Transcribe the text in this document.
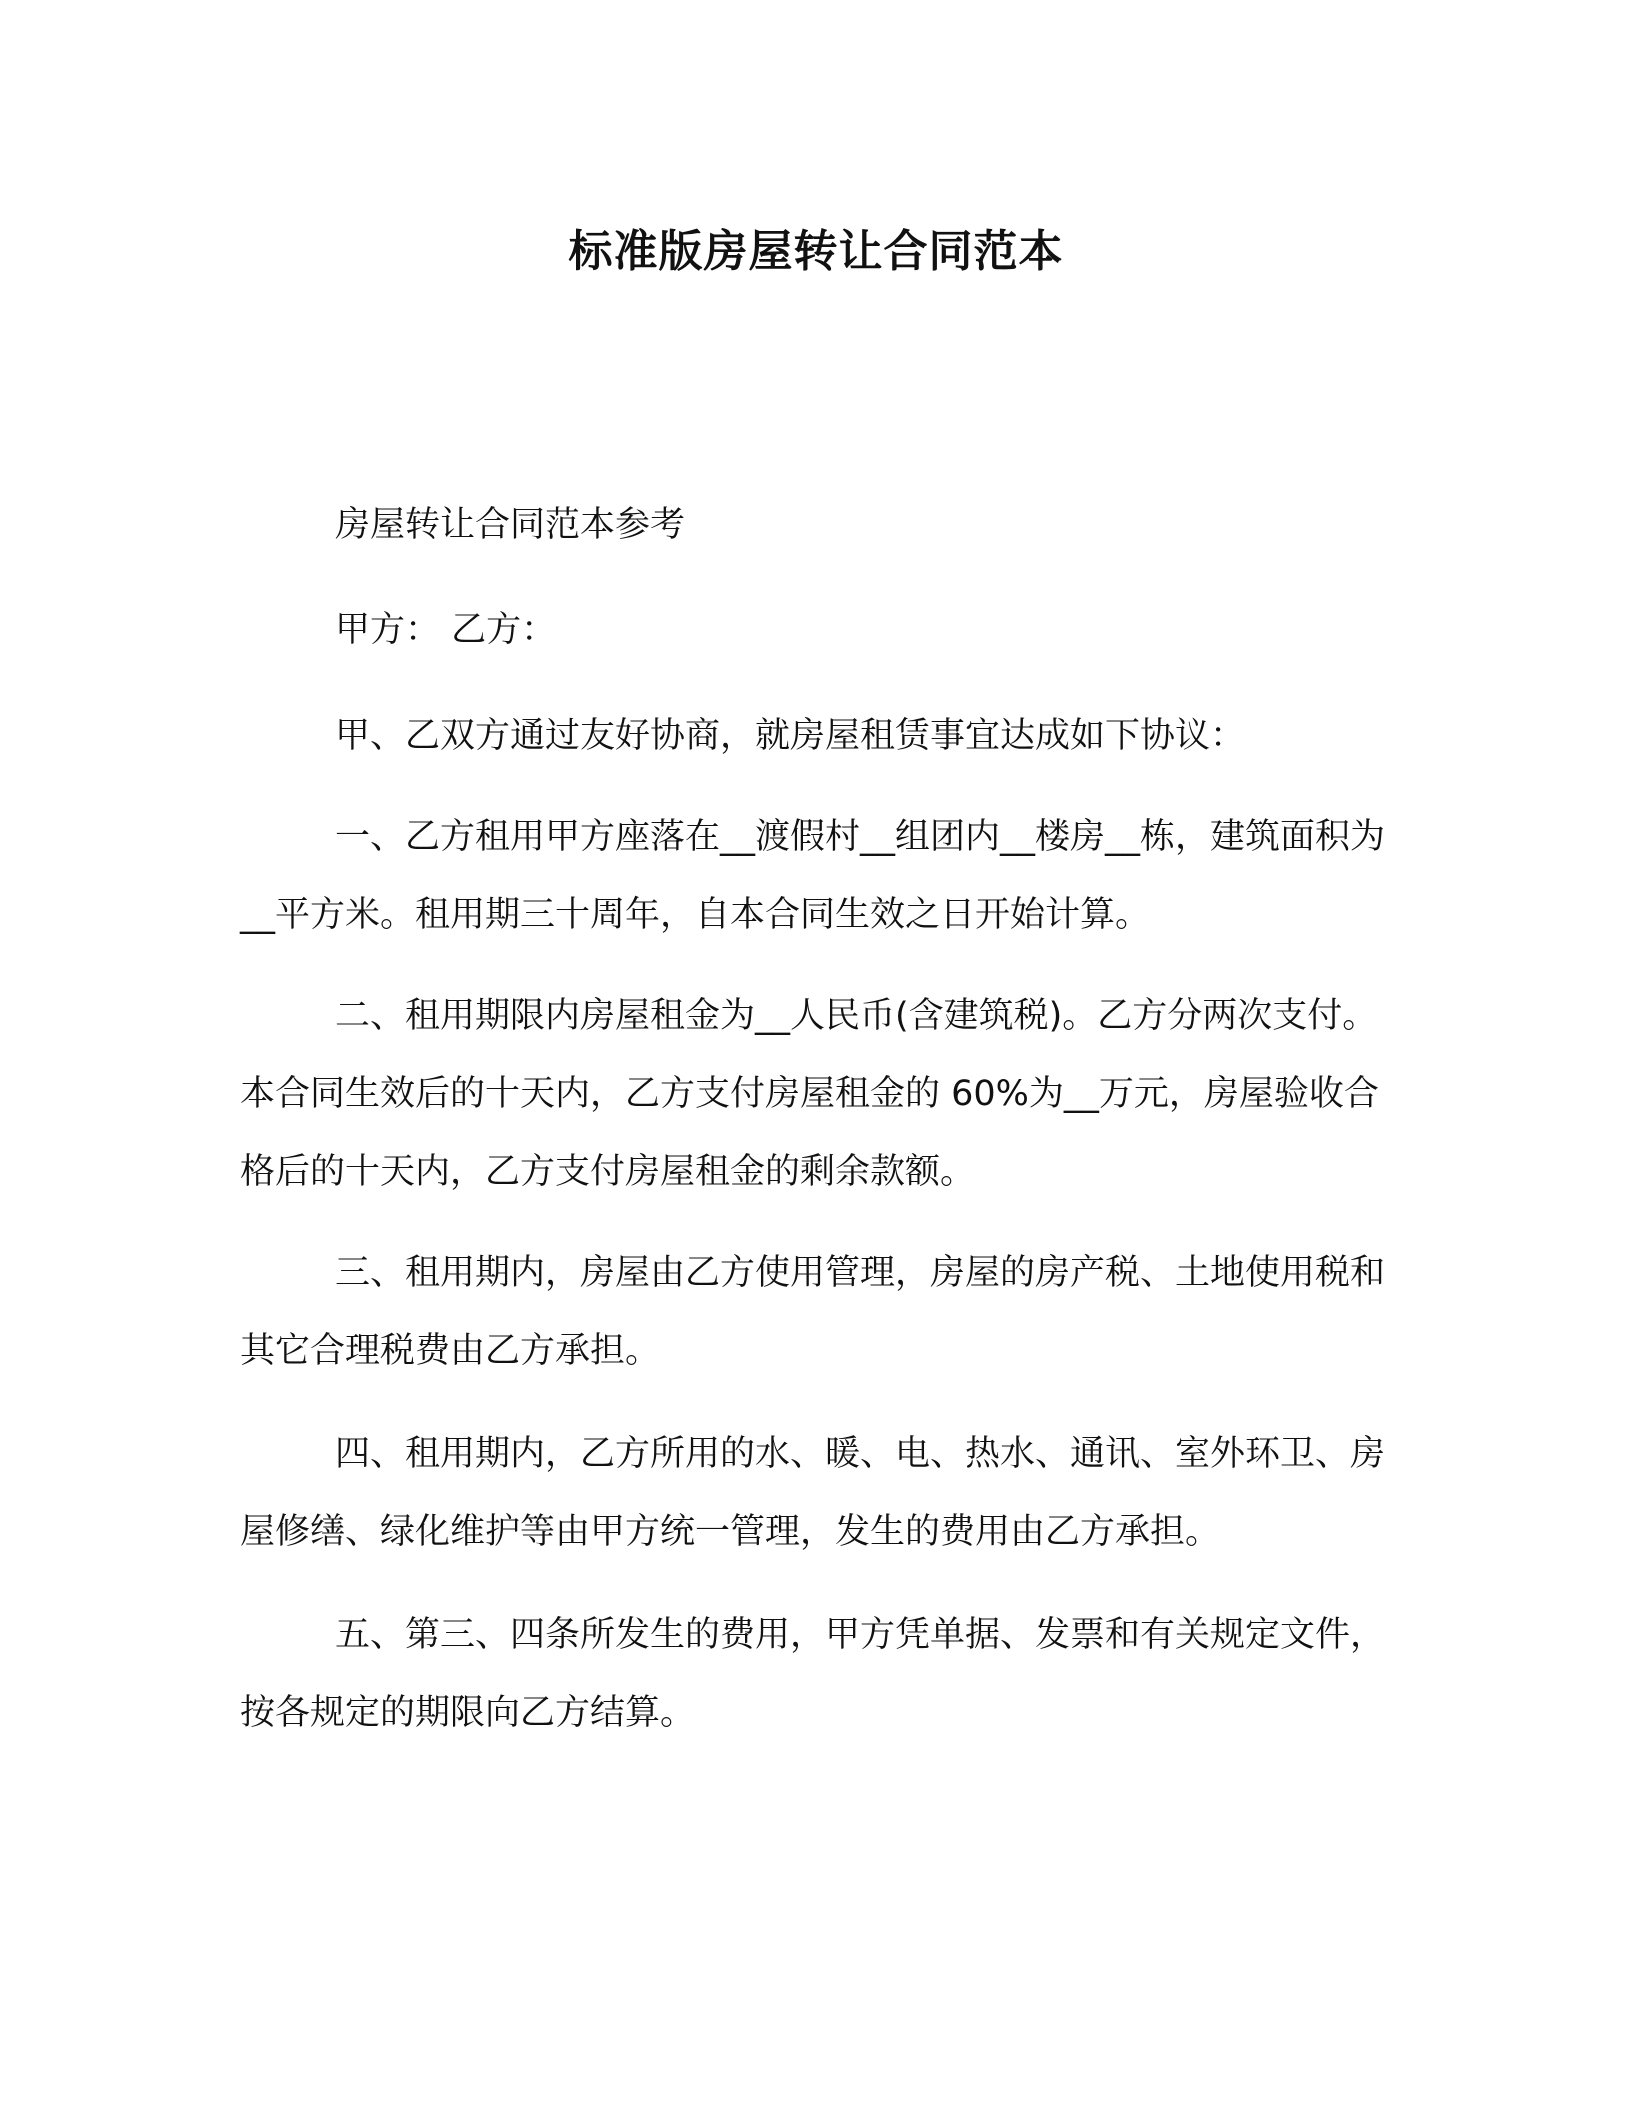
标准版房屋转让合同范本

房屋转让合同范本参考

甲方： 乙方：

甲、乙双方通过友好协商，就房屋租赁事宜达成如下协议：

一、乙方租用甲方座落在__渡假村__组团内__楼房__栋，建筑面积为__平方米。租用期三十周年，自本合同生效之日开始计算。

二、租用期限内房屋租金为__人民币(含建筑税)。乙方分两次支付。本合同生效后的十天内，乙方支付房屋租金的 60%为__万元，房屋验收合格后的十天内，乙方支付房屋租金的剩余款额。

三、租用期内，房屋由乙方使用管理，房屋的房产税、土地使用税和其它合理税费由乙方承担。

四、租用期内，乙方所用的水、暖、电、热水、通讯、室外环卫、房屋修缮、绿化维护等由甲方统一管理，发生的费用由乙方承担。

五、第三、四条所发生的费用，甲方凭单据、发票和有关规定文件，按各规定的期限向乙方结算。
